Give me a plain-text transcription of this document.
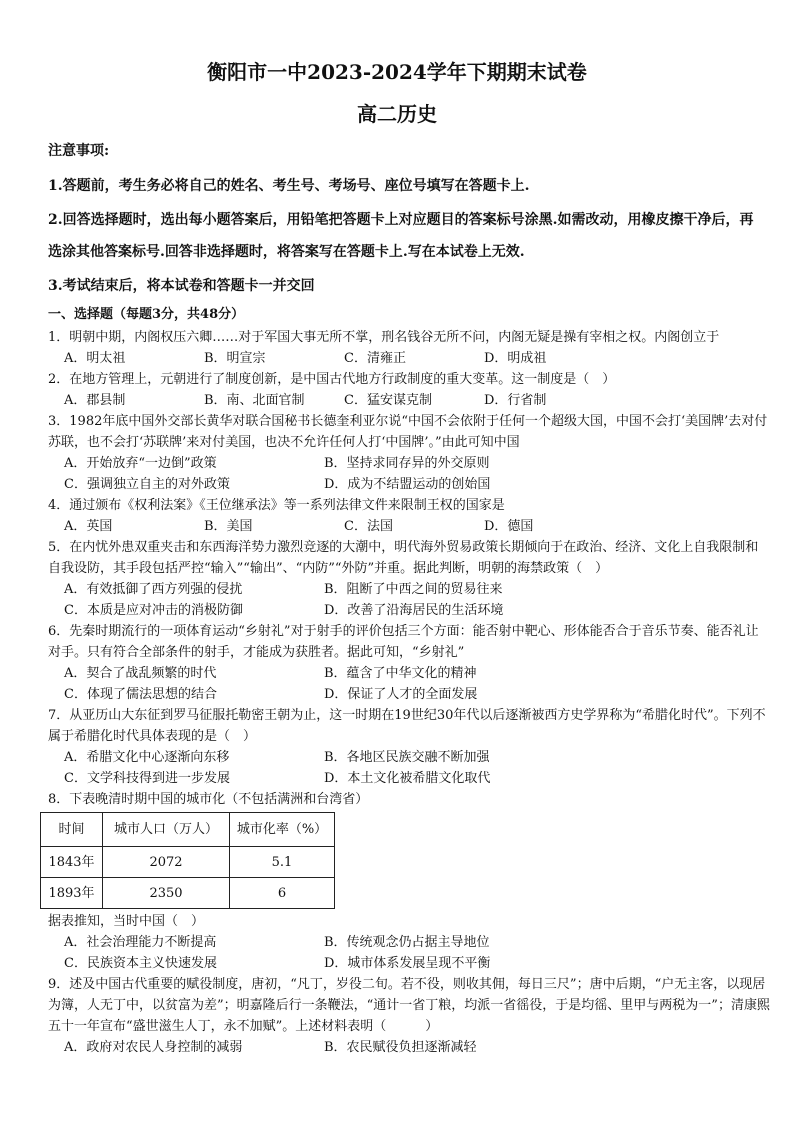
衡阳市一中2023-2024学年下期期末试卷
高二历史
注意事项:
1.答题前，考生务必将自己的姓名、考生号、考场号、座位号填写在答题卡上.
2.回答选择题时，选出每小题答案后，用铅笔把答题卡上对应题目的答案标号涂黑.如需改动，用橡皮擦干净后，再选涂其他答案标号.回答非选择题时，将答案写在答题卡上.写在本试卷上无效.
3.考试结束后，将本试卷和答题卡一并交回
一、选择题（每题3分，共48分）

1．明朝中期，内阁权压六卿……对于军国大事无所不掌，刑名钱谷无所不问，内阁无疑是操有宰相之权。内阁创立于

A．明太祖	B．明宣宗	C．清雍正	D．明成祖

2．在地方管理上，元朝进行了制度创新，是中国古代地方行政制度的重大变革。这一制度是（　）

A．郡县制	B．南、北面官制	C．猛安谋克制	D．行省制

3．1982年底中国外交部长黄华对联合国秘书长德奎利亚尔说“中国不会依附于任何一个超级大国，中国不会打‘美国牌’去对付苏联，也不会打‘苏联牌’来对付美国，也决不允许任何人打‘中国牌’。”由此可知中国

A．开始放弃“一边倒”政策	B．坚持求同存异的外交原则
C．强调独立自主的对外政策	D．成为不结盟运动的创始国

4．通过颁布《权利法案》《王位继承法》等一系列法律文件来限制王权的国家是

A．英国	B．美国	C．法国	D．德国

5．在内忧外患双重夹击和东西海洋势力激烈竞逐的大潮中，明代海外贸易政策长期倾向于在政治、经济、文化上自我限制和自我设防，其手段包括严控“输入”“输出”、“内防”“外防”并重。据此判断，明朝的海禁政策（　）

A．有效抵御了西方列强的侵扰	B．阻断了中西之间的贸易往来
C．本质是应对冲击的消极防御	D．改善了沿海居民的生活环境

6．先秦时期流行的一项体育运动“乡射礼”对于射手的评价包括三个方面：能否射中靶心、形体能否合于音乐节奏、能否礼让对手。只有符合全部条件的射手，才能成为获胜者。据此可知，“乡射礼”

A．契合了战乱频繁的时代	B．蕴含了中华文化的精神
C．体现了儒法思想的结合	D．保证了人才的全面发展

7．从亚历山大东征到罗马征服托勒密王朝为止，这一时期在19世纪30年代以后逐渐被西方史学界称为“希腊化时代”。下列不属于希腊化时代具体表现的是（　）

A．希腊文化中心逐渐向东移	B．各地区民族交融不断加强
C．文学科技得到进一步发展	D．本土文化被希腊文化取代

8．下表晚清时期中国的城市化（不包括满洲和台湾省）

时间	城市人口（万人）	城市化率（%）
1843年	2072	5.1
1893年	2350	6

据表推知，当时中国（　）

A．社会治理能力不断提高	B．传统观念仍占据主导地位
C．民族资本主义快速发展	D．城市体系发展呈现不平衡

9．述及中国古代重要的赋役制度，唐初，“凡丁，岁役二旬。若不役，则收其佣，每日三尺”；唐中后期，“户无主客，以现居为簿，人无丁中，以贫富为差”；明嘉隆后行一条鞭法，“通计一省丁粮，均派一省徭役，于是均徭、里甲与两税为一”；清康熙五十一年宣布“盛世滋生人丁，永不加赋”。上述材料表明（　　　）

A．政府对农民人身控制的减弱	B．农民赋役负担逐渐减轻
